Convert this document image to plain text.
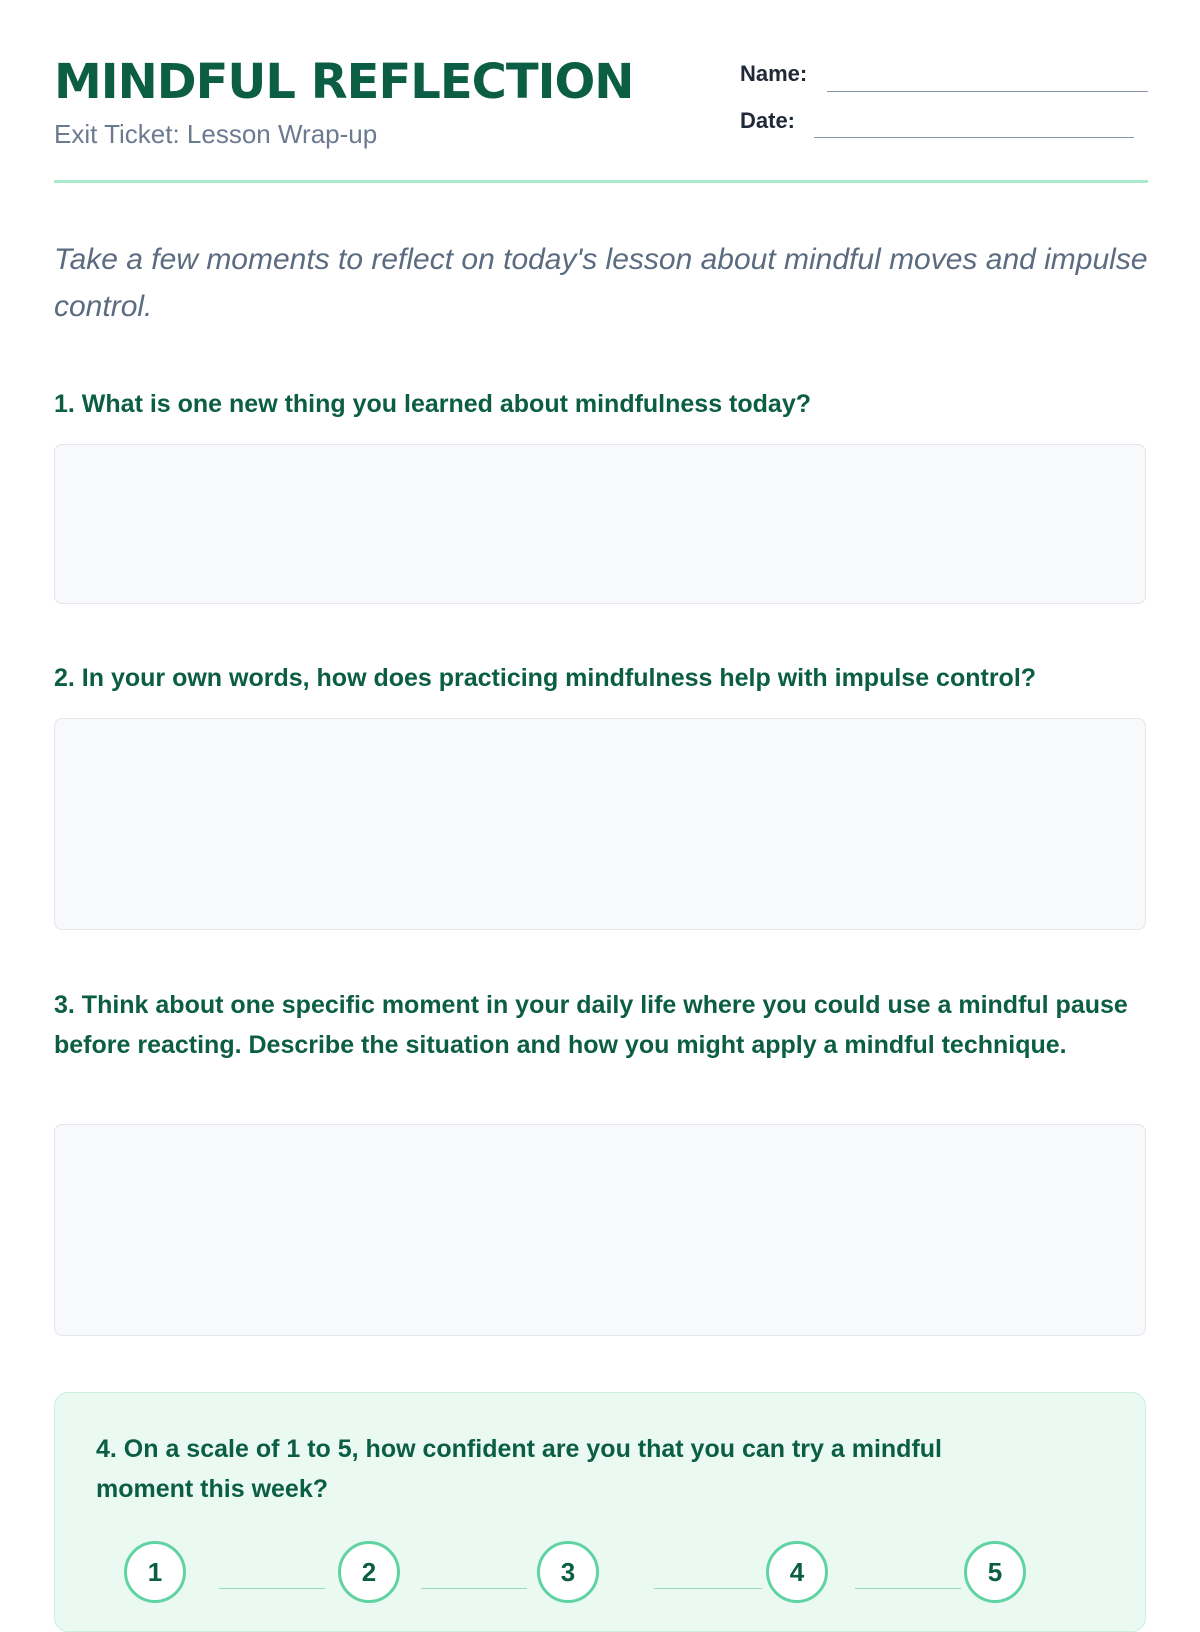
MINDFUL REFLECTION
Exit Ticket: Lesson Wrap-up
Name:
Date:

Take a few moments to reflect on today's lesson about mindful moves and impulse control.

1. What is one new thing you learned about mindfulness today?

2. In your own words, how does practicing mindfulness help with impulse control?

3. Think about one specific moment in your daily life where you could use a mindful pause before reacting. Describe the situation and how you might apply a mindful technique.

4. On a scale of 1 to 5, how confident are you that you can try a mindful moment this week?

1	2	3	4	5
